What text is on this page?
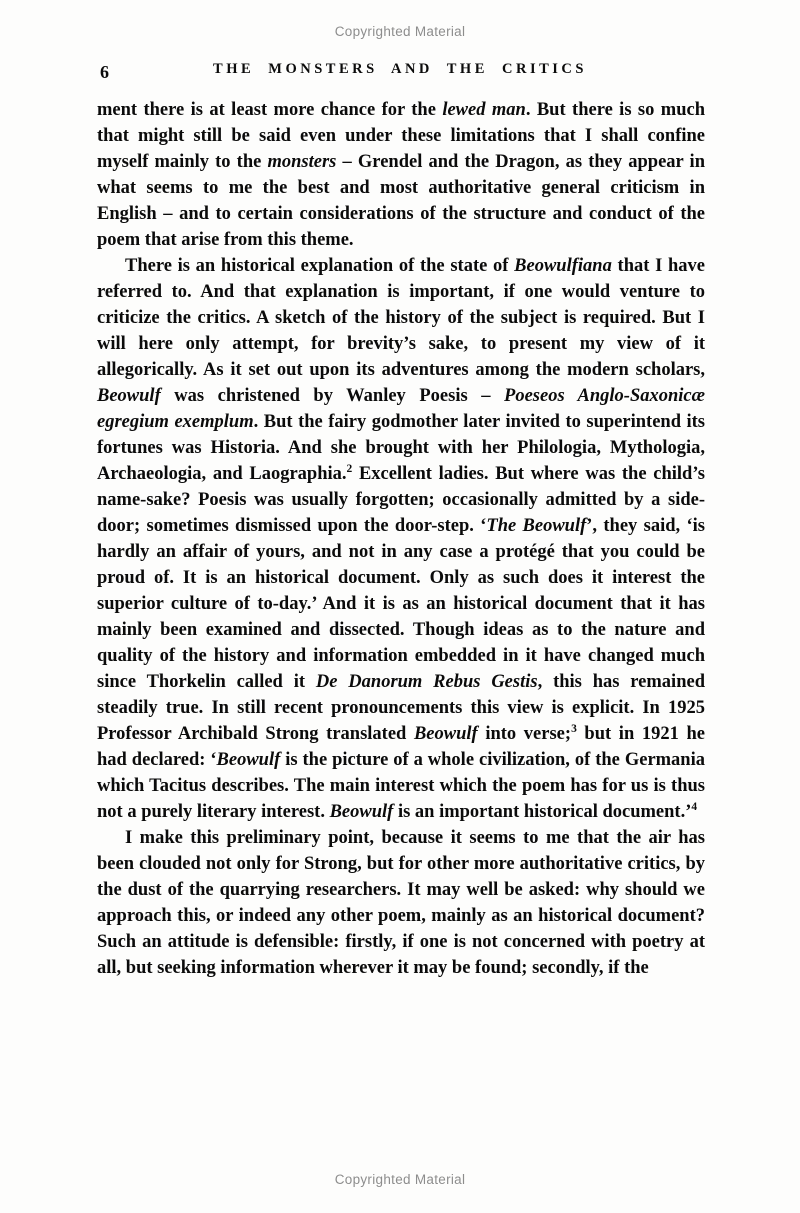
Copyrighted Material
6	THE MONSTERS AND THE CRITICS

ment there is at least more chance for the lewed man. But there is so much that might still be said even under these limitations that I shall confine myself mainly to the monsters – Grendel and the Dragon, as they appear in what seems to me the best and most authoritative general criticism in English – and to certain considerations of the structure and conduct of the poem that arise from this theme.

There is an historical explanation of the state of Beowulfiana that I have referred to. And that explanation is important, if one would venture to criticize the critics. A sketch of the history of the subject is required. But I will here only attempt, for brevity’s sake, to present my view of it allegorically. As it set out upon its adventures among the modern scholars, Beowulf was christened by Wanley Poesis – Poeseos Anglo-Saxonicæ egregium exemplum. But the fairy godmother later invited to superintend its fortunes was Historia. And she brought with her Philologia, Mythologia, Archaeologia, and Laographia.$^2$ Excellent ladies. But where was the child’s name-sake? Poesis was usually forgotten; occasionally admitted by a side-door; sometimes dismissed upon the door-step. ‘The Beowulf’, they said, ‘is hardly an affair of yours, and not in any case a protégé that you could be proud of. It is an historical document. Only as such does it interest the superior culture of to-day.’ And it is as an historical document that it has mainly been examined and dissected. Though ideas as to the nature and quality of the history and information embedded in it have changed much since Thorkelin called it De Danorum Rebus Gestis, this has remained steadily true. In still recent pronouncements this view is explicit. In 1925 Professor Archibald Strong translated Beowulf into verse;$^3$ but in 1921 he had declared: ‘Beowulf is the picture of a whole civilization, of the Germania which Tacitus describes. The main interest which the poem has for us is thus not a purely literary interest. Beowulf is an important historical document.’$^4$

I make this preliminary point, because it seems to me that the air has been clouded not only for Strong, but for other more authoritative critics, by the dust of the quarrying researchers. It may well be asked: why should we approach this, or indeed any other poem, mainly as an historical document? Such an attitude is defensible: firstly, if one is not concerned with poetry at all, but seeking information wherever it may be found; secondly, if the

Copyrighted Material
